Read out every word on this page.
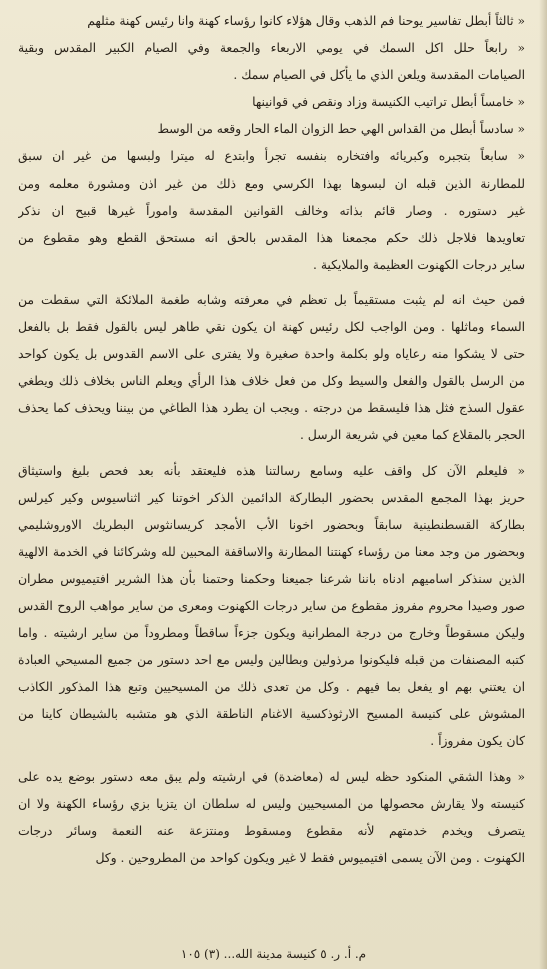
« ثالثاً أبطل تفاسير يوحنا فم الذهب وقال هؤلاء كانوا رؤساء كهنة وانا رئيس كهنة مثلهم
« رابعاً حلل اكل السمك في يومي الاربعاء والجمعة وفي الصيام الكبير المقدس وبقية
الصيامات المقدسة ويلعن الذي ما يأكل في الصيام سمك .
« خامساً أبطل تراتيب الكنيسة وزاد ونقص في قوانينها
« سادساً أبطل من القداس الهي حط الزوان الماء الحار وقعه من الوسط
« سابعاً بتجبره وكبريائه وافتخاره بنفسه تجرأ وابتدع له ميترا ولبسها من غير ان سبق
للمطارنة الذين قبله ان لبسوها بهذا الكرسي ومع ذلك من غير اذن ومشورة معلمه ومن
غير دستوره . وصار قائم بذاته وخالف القوانين المقدسة واموراً غيرها قبيح ان نذكر
تعاويدها فلاجل ذلك حكم مجمعنا هذا المقدس بالحق انه مستحق القطع وهو مقطوع من
ساير درجات الكهنوت العظيمة والملايكية .
فمن حيث انه لم يثبت مستقيماً بل تعظم في معرفته وشابه طغمة الملائكة التي سقطت من
السماء وماثلها . ومن الواجب لكل رئيس كهنة ان يكون نقي طاهر ليس بالقول فقط بل بالفعل
حتى لا يشكوا منه رعاياه ولو بكلمة واحدة صغيرة ولا يفترى على الاسم القدوس بل يكون كواحد
من الرسل بالقول والفعل والسيط وكل من فعل خلاف هذا الرأي ويعلم الناس بخلاف ذلك ويطغي
عقول السذج فثل هذا فليسقط من درجته . ويجب ان يطرد هذا الطاغي من بيننا ويحذف كما يحذف
الحجر بالمقلاع كما معين في شريعة الرسل .
« فليعلم الآن كل واقف عليه وسامع رسالتنا هذه فليعتقد بأنه بعد فحص بليغ واستيثاق
حريز بهذا المجمع المقدس بحضور البطاركة الدائمين الذكر اخوتنا كير اثناسيوس وكير كيرلس
بطاركة القسطنطينية سابقاً وبحضور اخونا الأب الأمجد كريسانثوس البطريك الاوروشليمي
وبحضور من وجد معنا من رؤساء كهنتنا المطارنة والاساقفة المحبين لله وشركائنا في الخدمة الالهية
الذين سنذكر اساميهم ادناه باننا شرعنا جميعنا وحكمنا وحتمنا بأن هذا الشرير افتيميوس مطران
صور وصيدا محروم مفروز مقطوع من ساير درجات الكهنوت ومعرى من ساير مواهب الروح القدس
وليكن مسقوطاً وخارج من درجة المطرانية ويكون جزءاً ساقطاً ومطروداً من ساير ارشيته . واما
كتبه المصنفات من قبله فليكونوا مرذولين وبطالين وليس مع احد دستور من جميع المسيحي العبادة
ان يعتني بهم او يفعل بما فيهم . وكل من تعدى ذلك من المسيحيين وتبع هذا المذكور الكاذب
المشوش على كنيسة المسيح الارثوذكسية الاغنام الناطقة الذي هو متشبه بالشيطان كاينا من
كان يكون مفروزاً .
« وهذا الشقي المنكود حظه ليس له (معاضدة) في ارشيته ولم يبق معه دستور بوضع يده على
كنيسته ولا يقارش محصولها من المسيحيين وليس له سلطان ان يتزيا بزي رؤساء الكهنة ولا ان
يتصرف ويخدم خدمتهم لأنه مقطوع ومسقوط ومنتزعة عنه النعمة وسائر درجات
الكهنوت . ومن الآن يسمى افتيميوس فقط لا غير ويكون كواحد من المطروحين . وكل
م. أ. ر. ٥ كنيسة مدينة الله... (٣) ١٠٥
